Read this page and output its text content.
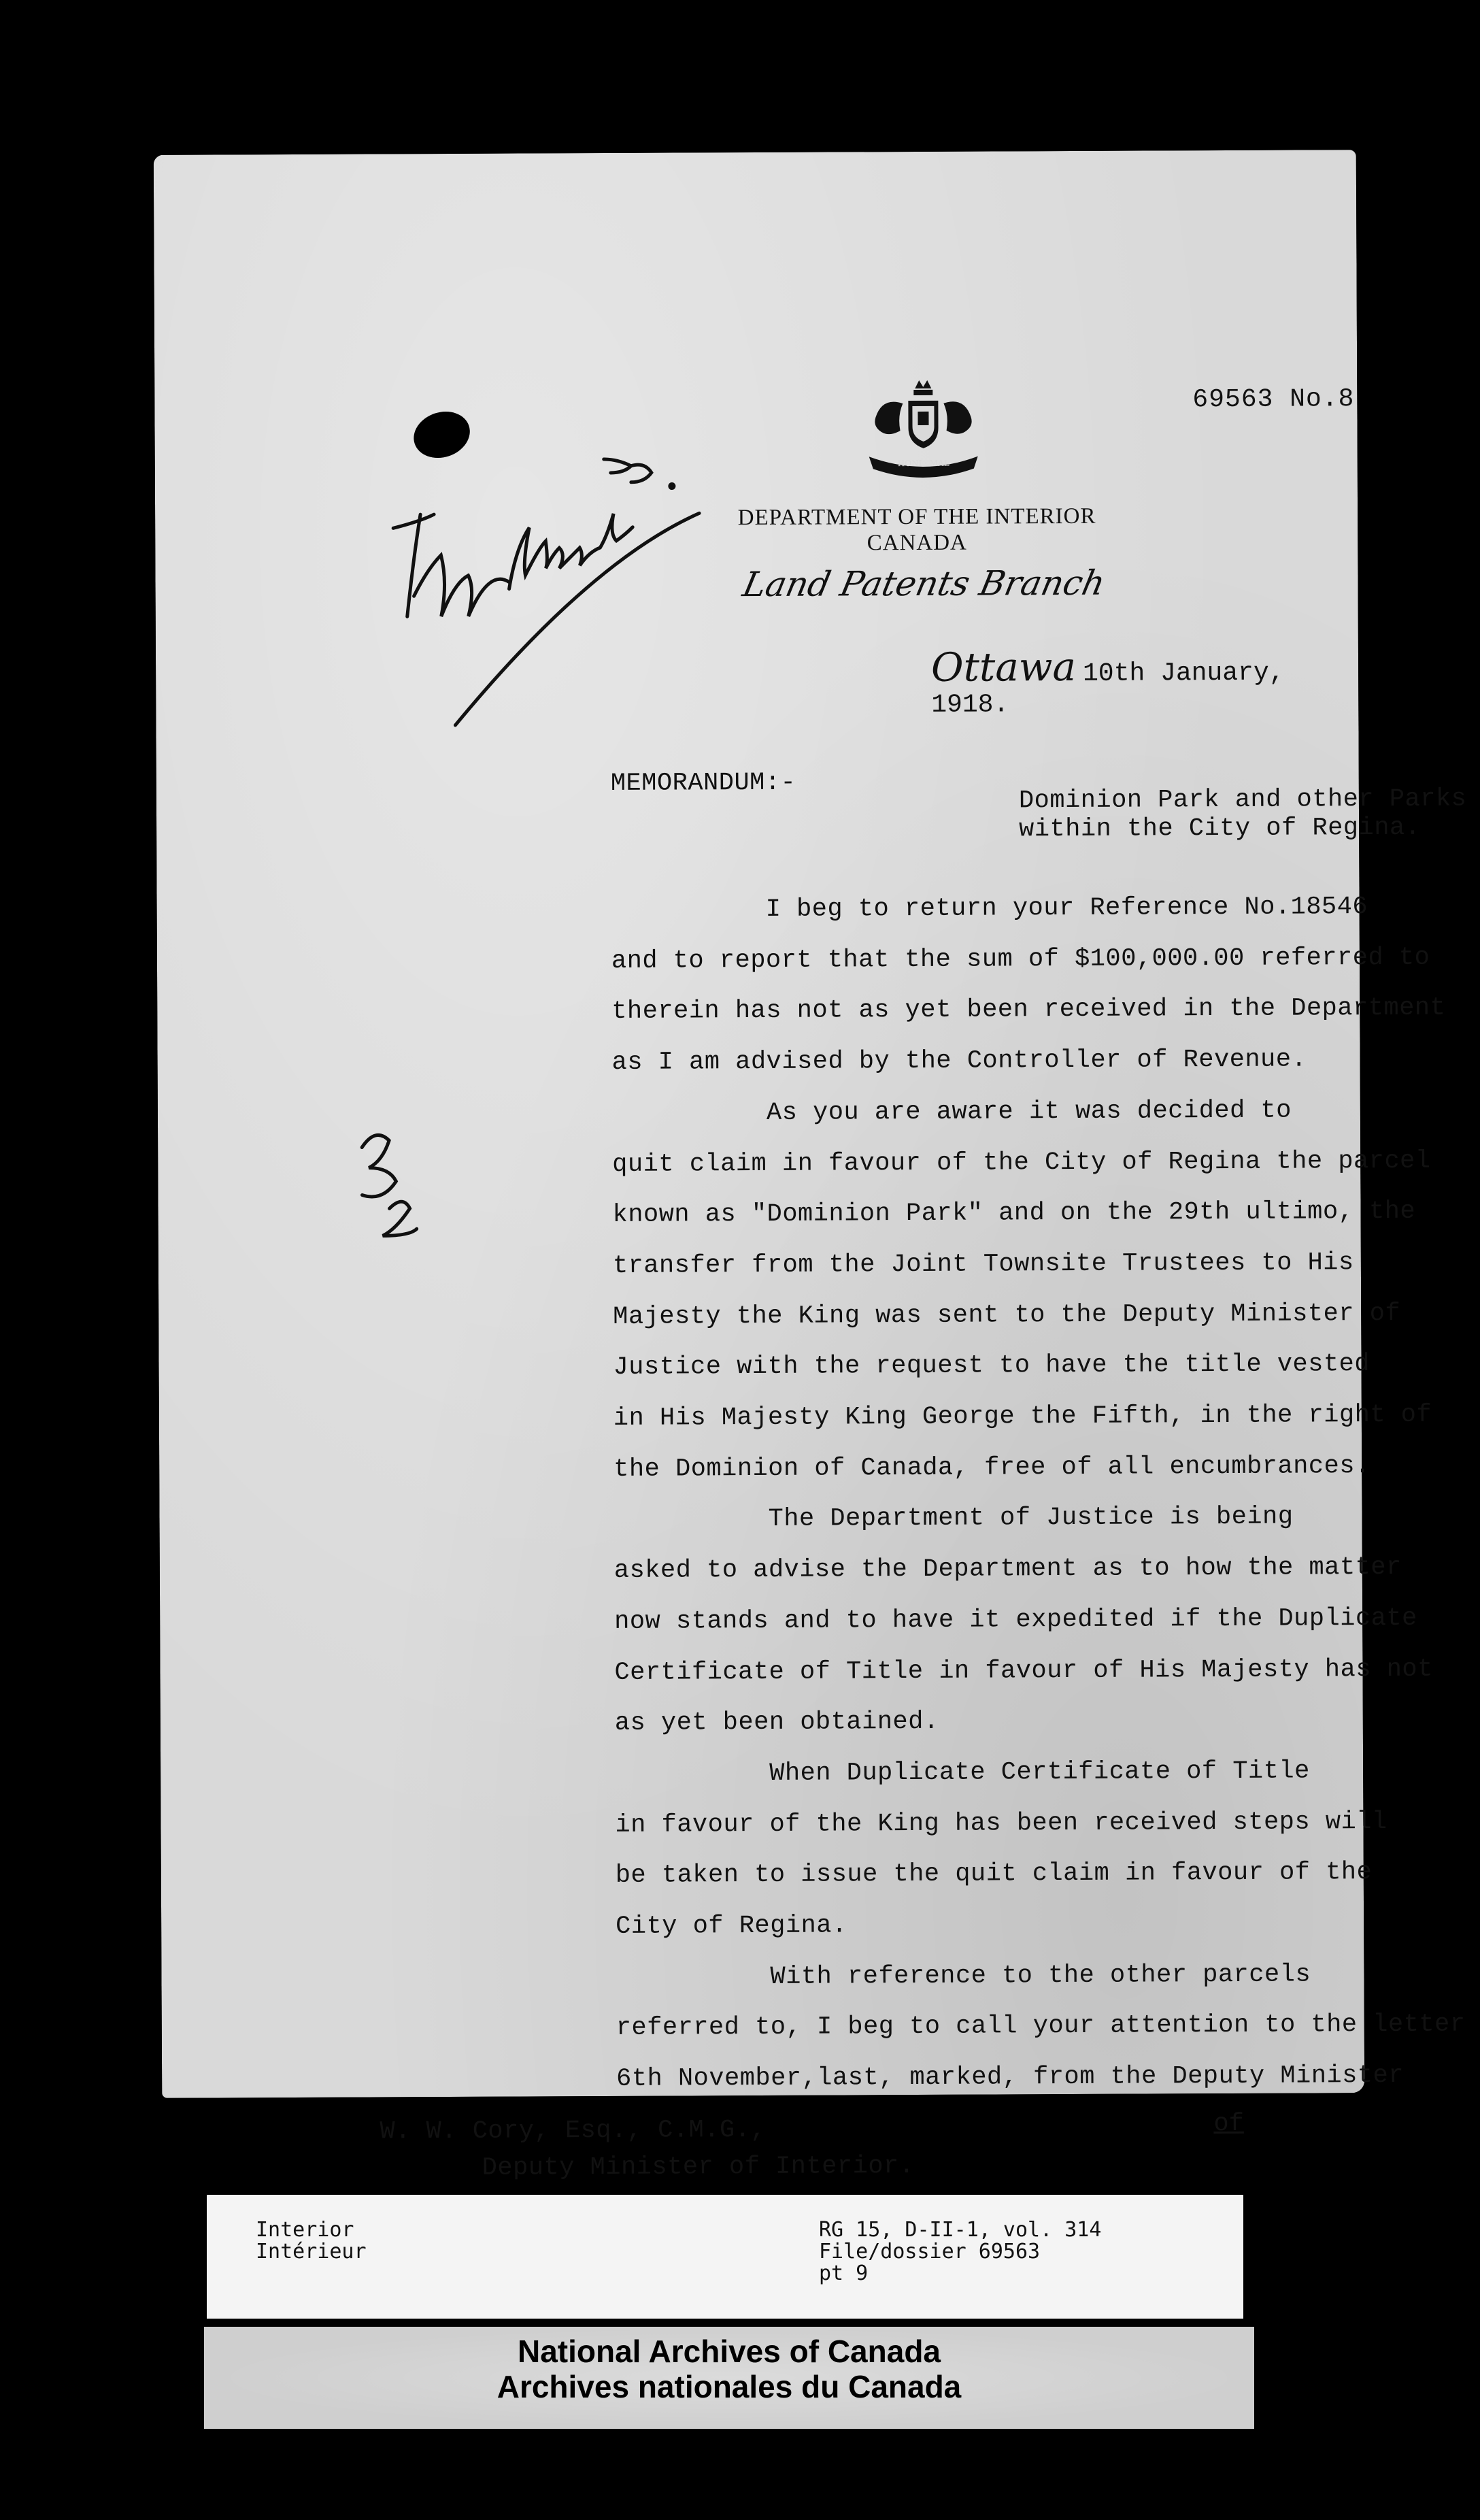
HONI · MAL
69563 No.8
DEPARTMENT OF THE INTERIOR
CANADA
Land Patents Branch
Ottawa 10th January, 1918.
MEMORANDUM:-
Dominion Park and other Parks
within the City of Regina.
I beg to return your Reference No.18546
and to report that the sum of $100,000.00 referred to
therein has not as yet been received in the Department
as I am advised by the Controller of Revenue.
As you are aware it was decided to
quit claim in favour of the City of Regina the parcel
known as "Dominion Park" and on the 29th ultimo, the
transfer from the Joint Townsite Trustees to His
Majesty the King was sent to the Deputy Minister of
Justice with the request to have the title vested
in His Majesty King George the Fifth, in the right of
the Dominion of Canada, free of all encumbrances.
The Department of Justice is being
asked to advise the Department as to how the matter
now stands and to have it expedited if the Duplicate
Certificate of Title in favour of His Majesty has not
as yet been obtained.
When Duplicate Certificate of Title
in favour of the King has been received steps will
be taken to issue the quit claim in favour of the
City of Regina.
With reference to the other parcels
referred to, I beg to call your attention to the letter
6th November,last, marked, from the Deputy Minister
W. W. Cory, Esq., C.M.G.,
Deputy Minister of Interior.
of
Interior
Intérieur
RG 15, D-II-1, vol. 314
File/dossier 69563
pt 9
National Archives of Canada
Archives nationales du Canada
